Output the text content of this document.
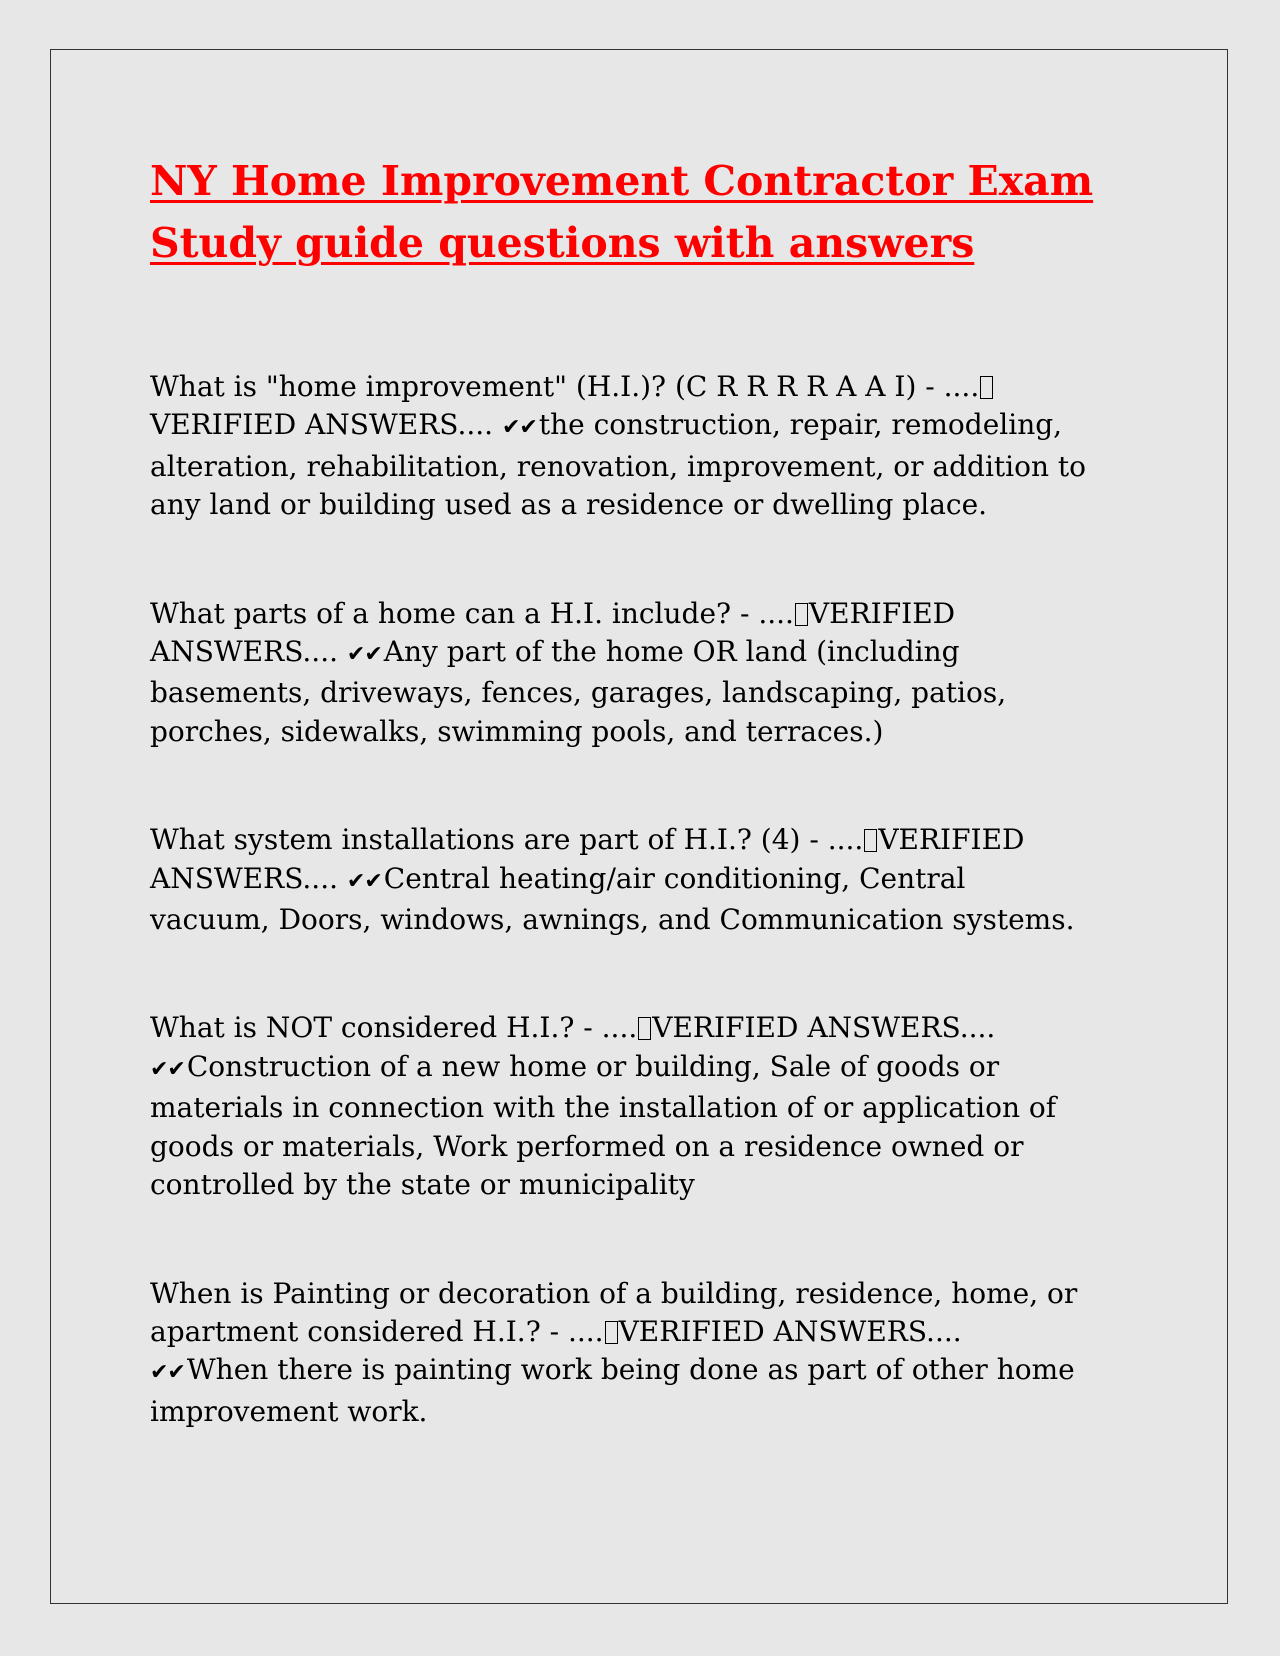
NY Home Improvement Contractor Exam
Study guide questions with answers

What is "home improvement" (H.I.)? (C R R R R A A I) - ....
VERIFIED ANSWERS.... ✔✔the construction, repair, remodeling,
alteration, rehabilitation, renovation, improvement, or addition to
any land or building used as a residence or dwelling place.

What parts of a home can a H.I. include? - .... VERIFIED
ANSWERS.... ✔✔Any part of the home OR land (including
basements, driveways, fences, garages, landscaping, patios,
porches, sidewalks, swimming pools, and terraces.)

What system installations are part of H.I.? (4) - .... VERIFIED
ANSWERS.... ✔✔Central heating/air conditioning, Central
vacuum, Doors, windows, awnings, and Communication systems.

What is NOT considered H.I.? - .... VERIFIED ANSWERS....
✔✔Construction of a new home or building, Sale of goods or
materials in connection with the installation of or application of
goods or materials, Work performed on a residence owned or
controlled by the state or municipality

When is Painting or decoration of a building, residence, home, or
apartment considered H.I.? - .... VERIFIED ANSWERS....
✔✔When there is painting work being done as part of other home
improvement work.
